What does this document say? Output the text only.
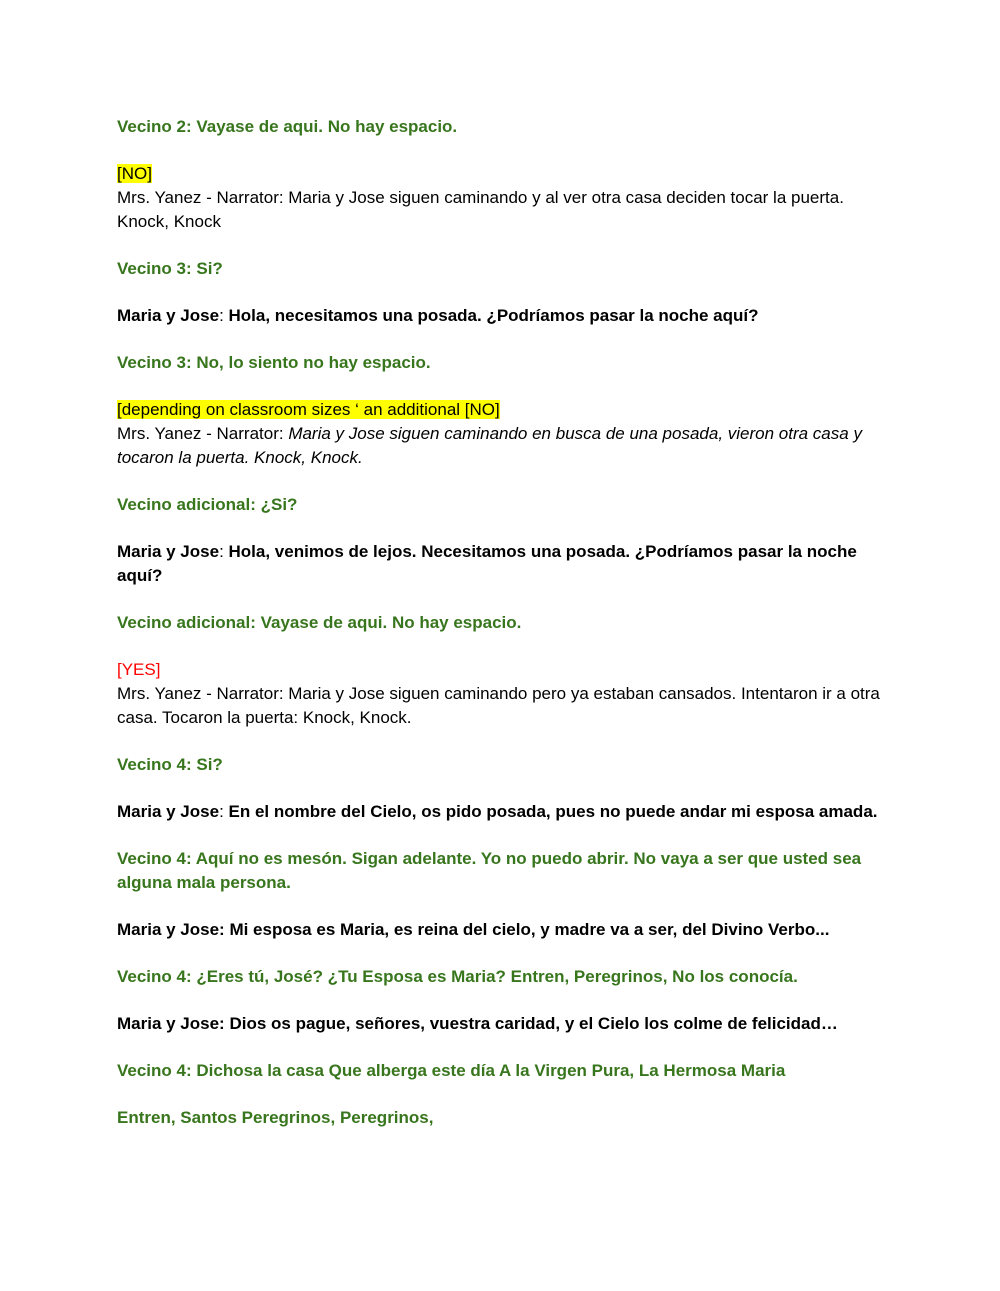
Vecino 2: Vayase de aqui. No hay espacio.

[NO]

Mrs. Yanez - Narrator: Maria y Jose siguen caminando y al ver otra casa deciden tocar la puerta. Knock, Knock

Vecino 3: Si?

Maria y Jose: Hola, necesitamos una posada. ¿Podríamos pasar la noche aquí?

Vecino 3: No, lo siento no hay espacio.

[depending on classroom sizes ‘ an additional [NO]

Mrs. Yanez - Narrator: Maria y Jose siguen caminando en busca de una posada, vieron otra casa y tocaron la puerta. Knock, Knock.

Vecino adicional: ¿Si?

Maria y Jose: Hola, venimos de lejos. Necesitamos una posada. ¿Podríamos pasar la noche aquí?

Vecino adicional: Vayase de aqui. No hay espacio.

[YES]

Mrs. Yanez - Narrator: Maria y Jose siguen caminando pero ya estaban cansados. Intentaron ir a otra casa. Tocaron la puerta: Knock, Knock.

Vecino 4: Si?

Maria y Jose: En el nombre del Cielo, os pido posada, pues no puede andar mi esposa amada.

Vecino 4: Aquí no es mesón. Sigan adelante. Yo no puedo abrir. No vaya a ser que usted sea alguna mala persona.

Maria y Jose: Mi esposa es Maria, es reina del cielo, y madre va a ser, del Divino Verbo...

Vecino 4: ¿Eres tú, José? ¿Tu Esposa es Maria? Entren, Peregrinos, No los conocía.

Maria y Jose: Dios os pague, señores, vuestra caridad, y el Cielo los colme de felicidad…

Vecino 4: Dichosa la casa Que alberga este día A la Virgen Pura, La Hermosa Maria

Entren, Santos Peregrinos, Peregrinos,
